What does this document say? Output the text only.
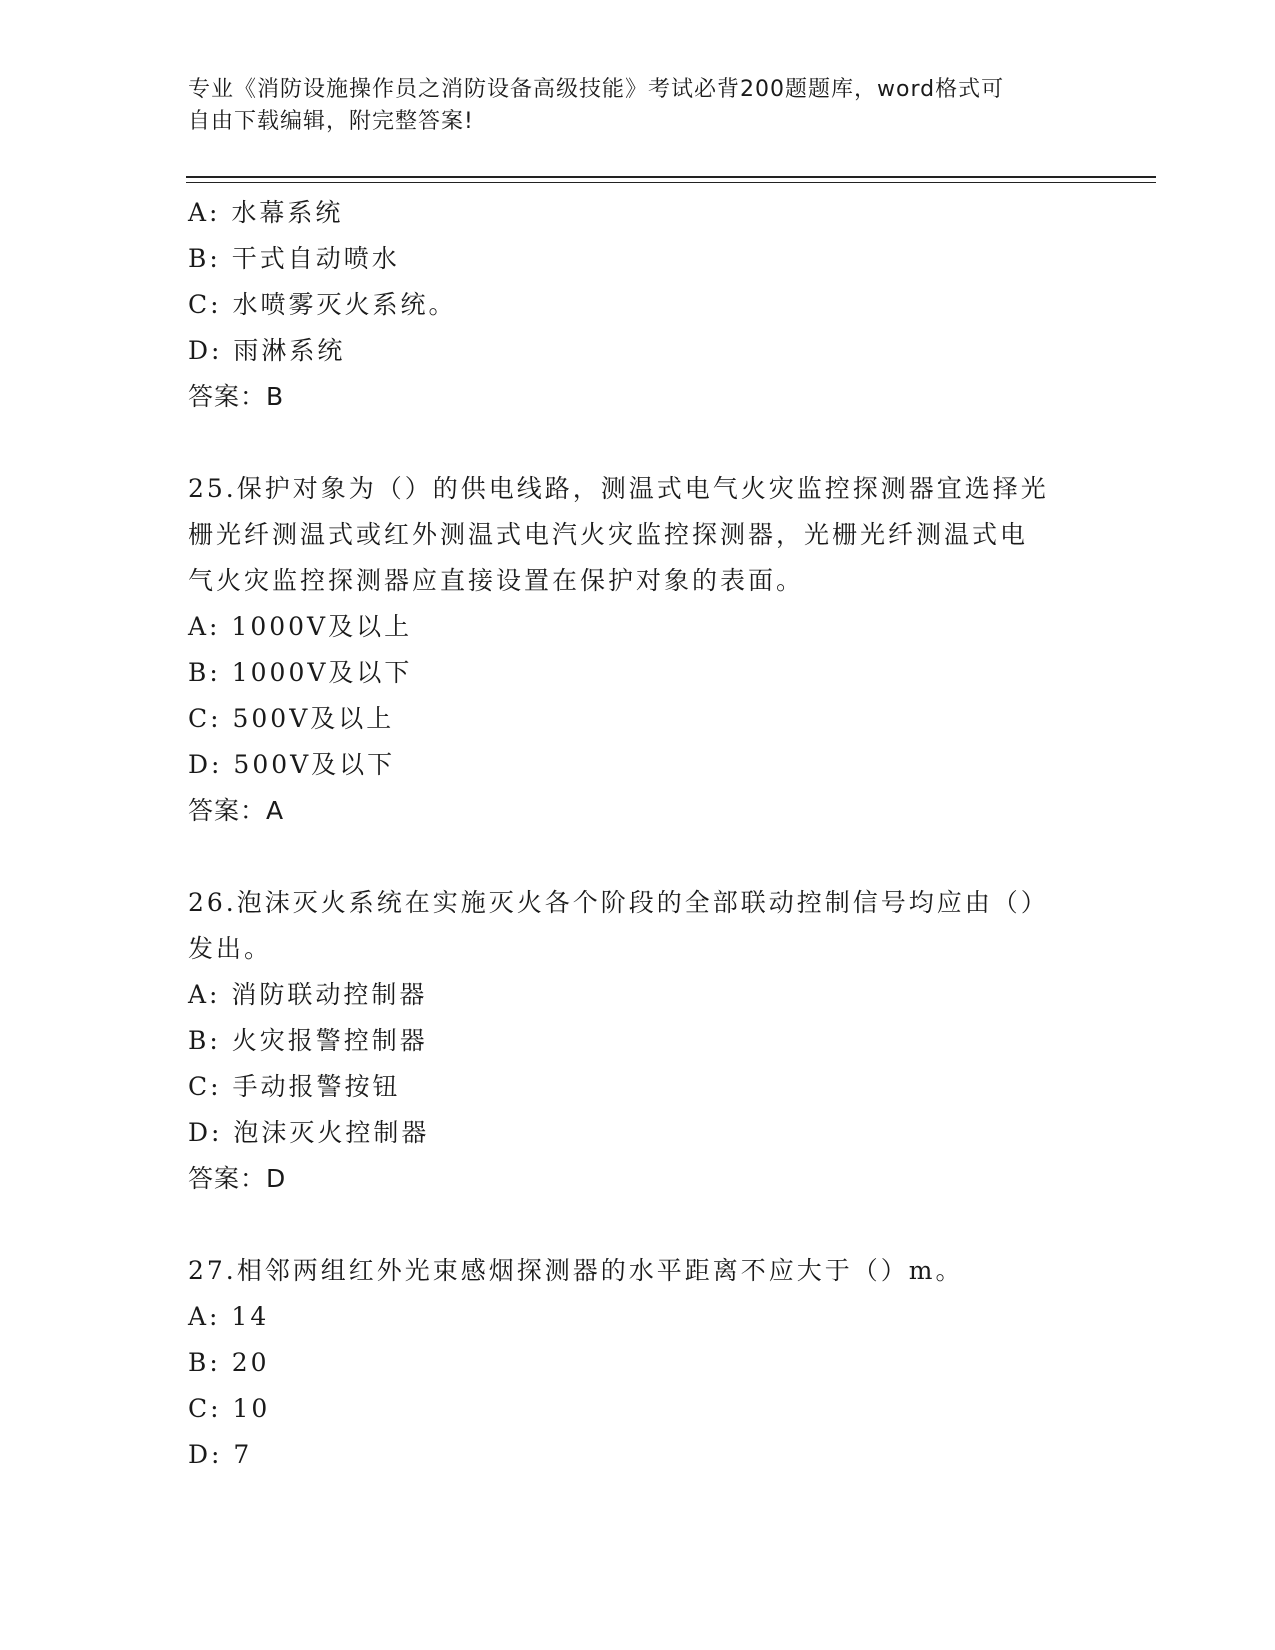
专业《消防设施操作员之消防设备高级技能》考试必背200题题库，word格式可
自由下载编辑，附完整答案!
A: 水幕系统
B: 干式自动喷水
C: 水喷雾灭火系统。
D: 雨淋系统
答案：B
25.保护对象为（）的供电线路，测温式电气火灾监控探测器宜选择光
栅光纤测温式或红外测温式电汽火灾监控探测器，光栅光纤测温式电
气火灾监控探测器应直接设置在保护对象的表面。
A: 1000V及以上
B: 1000V及以下
C: 500V及以上
D: 500V及以下
答案：A
26.泡沫灭火系统在实施灭火各个阶段的全部联动控制信号均应由（）
发出。
A: 消防联动控制器
B: 火灾报警控制器
C: 手动报警按钮
D: 泡沫灭火控制器
答案：D
27.相邻两组红外光束感烟探测器的水平距离不应大于（）m。
A: 14
B: 20
C: 10
D: 7
